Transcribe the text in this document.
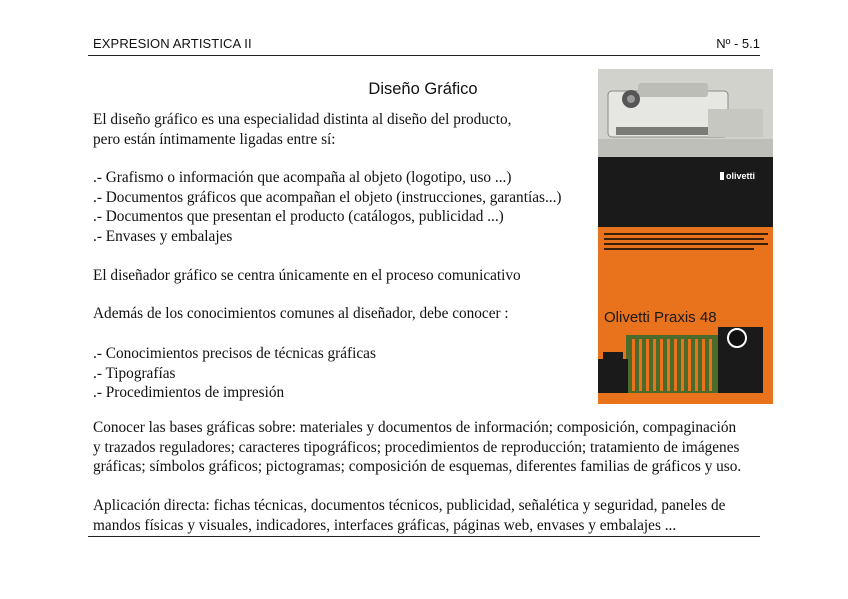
EXPRESION ARTISTICA II	Nº - 5.1
Diseño Gráfico

El diseño gráfico es una especialidad distinta al diseño del producto,

pero están íntimamente ligadas entre sí:

.- Grafismo o información que acompaña al objeto (logotipo, uso ...)

.- Documentos gráficos que acompañan el objeto (instrucciones, garantías...)

.- Documentos que presentan el producto (catálogos, publicidad ...)

.- Envases y embalajes

El diseñador gráfico se centra únicamente en el proceso comunicativo

Además de los conocimientos comunes al diseñador, debe conocer :

.- Conocimientos precisos de técnicas gráficas

.- Tipografías

.- Procedimientos de impresión

Conocer las bases gráficas sobre: materiales y documentos de información; composición, compaginación

y trazados reguladores; caracteres tipográficos; procedimientos de reproducción; tratamiento de imágenes

gráficas; símbolos gráficos; pictogramas; composición de esquemas, diferentes familias de gráficos y uso.

Aplicación directa: fichas técnicas, documentos técnicos, publicidad, señalética y seguridad, paneles de

mandos físicas y visuales, indicadores, interfaces gráficas, páginas web, envases y embalajes ...

olivetti
Olivetti Praxis 48
